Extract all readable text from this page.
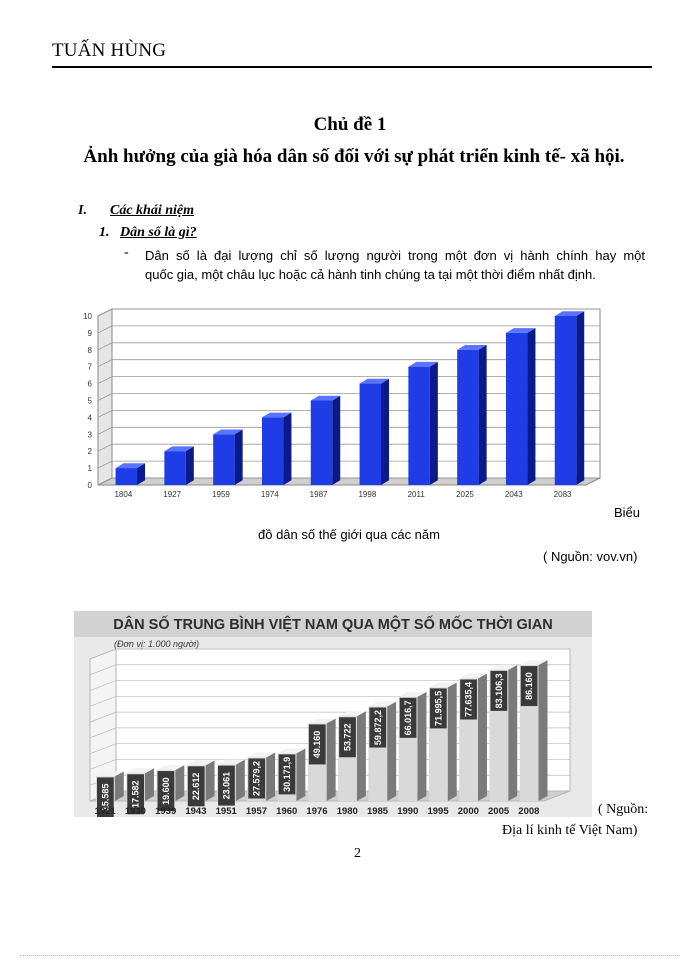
TUẤN HÙNG
Chủ đề 1
Ảnh hưởng của già hóa dân số đối với sự phát triển kinh tế- xã hội.
I. Các khái niệm
1. Dân số là gì?
- Dân số là đại lượng chỉ số lượng người trong một đơn vị hành chính hay một
quốc gia, một châu lục hoặc cả hành tinh chúng ta tại một thời điểm nhất định.
0
1
2
3
4
5
6
7
8
9
10
1804	1927	1959	1974	1987	1998	2011	2025	2043	2083
Biểu
đồ dân số thế giới qua các năm
( Nguồn: vov.vn)
DÂN SỐ TRUNG BÌNH VIỆT NAM QUA MỘT SỐ MỐC THỜI GIAN
(Đơn vị: 1.000 người)
15.585
1921
17.582
1930
19.600
1939
22.612
1943
23.061
1951
27.579,2
1957
30.171,9
1960
49.160
1976
53.722
1980
59.872,2
1985
66.016,7
1990
71.995,5
1995
77.635,4
2000
83.106,3
2005
86.160
2008	( Nguồn:
Địa lí kinh tế Việt Nam)
2
